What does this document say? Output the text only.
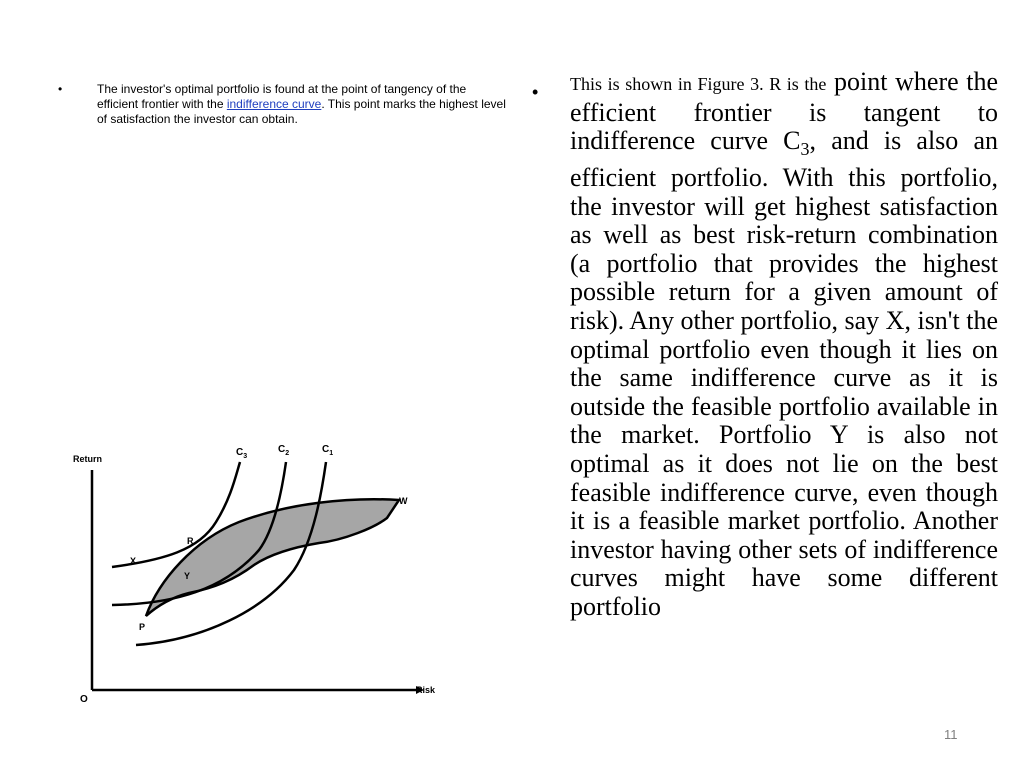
•	The investor's optimal portfolio is found at the point of tangency of the efficient frontier with the indifference curve. This point marks the highest level of satisfaction the investor can obtain.
• This is shown in Figure 3. R is the point where the efficient frontier is tangent to indifference curve $C_3$, and is also an efficient portfolio. With this portfolio, the investor will get highest satisfaction as well as best risk-return combination (a portfolio that provides the highest possible return for a given amount of risk). Any other portfolio, say X, isn't the optimal portfolio even though it lies on the same indifference curve as it is outside the feasible portfolio available in the market. Portfolio Y is also not optimal as it does not lie on the best feasible indifference curve, even though it is a feasible market portfolio. Another investor having other sets of indifference curves might have some different portfolio
Return
Risk
O
$C_3$
$C_2$	$C_1$
W
R
X
Y
P
11
